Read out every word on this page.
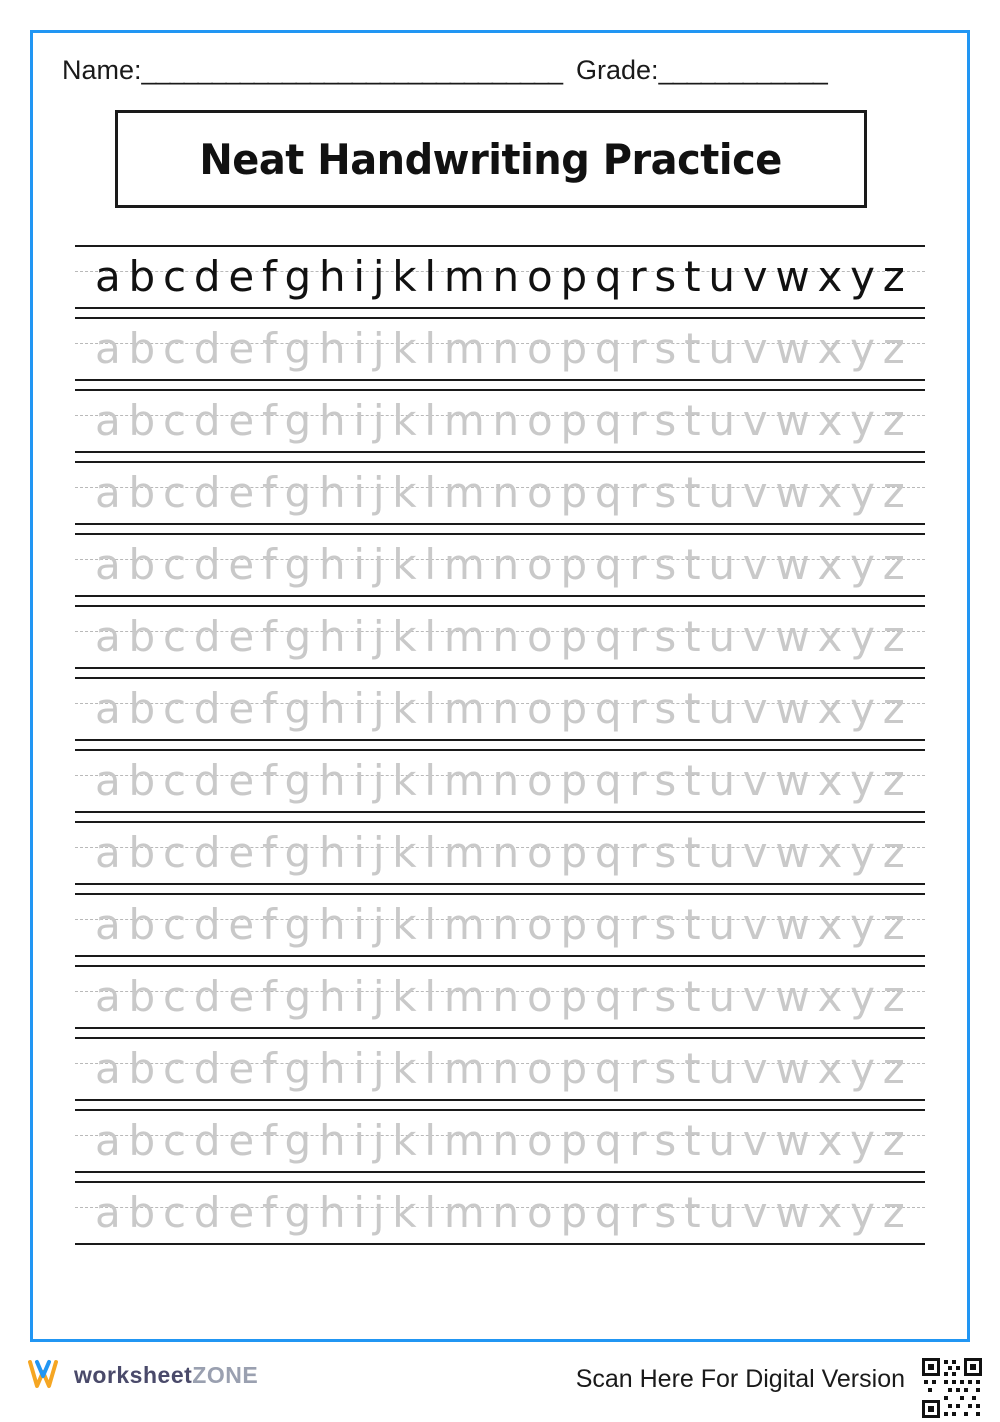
Name: ______________________________ Grade: ____________
Neat Handwriting Practice
a b c d e f g h i j k l m n o p q r s t u v w x y z
a b c d e f g h i j k l m n o p q r s t u v w x y z
a b c d e f g h i j k l m n o p q r s t u v w x y z
a b c d e f g h i j k l m n o p q r s t u v w x y z
a b c d e f g h i j k l m n o p q r s t u v w x y z
a b c d e f g h i j k l m n o p q r s t u v w x y z
a b c d e f g h i j k l m n o p q r s t u v w x y z
a b c d e f g h i j k l m n o p q r s t u v w x y z
a b c d e f g h i j k l m n o p q r s t u v w x y z
a b c d e f g h i j k l m n o p q r s t u v w x y z
a b c d e f g h i j k l m n o p q r s t u v w x y z
a b c d e f g h i j k l m n o p q r s t u v w x y z
a b c d e f g h i j k l m n o p q r s t u v w x y z
a b c d e f g h i j k l m n o p q r s t u v w x y z
worksheetZONE	Scan Here For Digital Version
